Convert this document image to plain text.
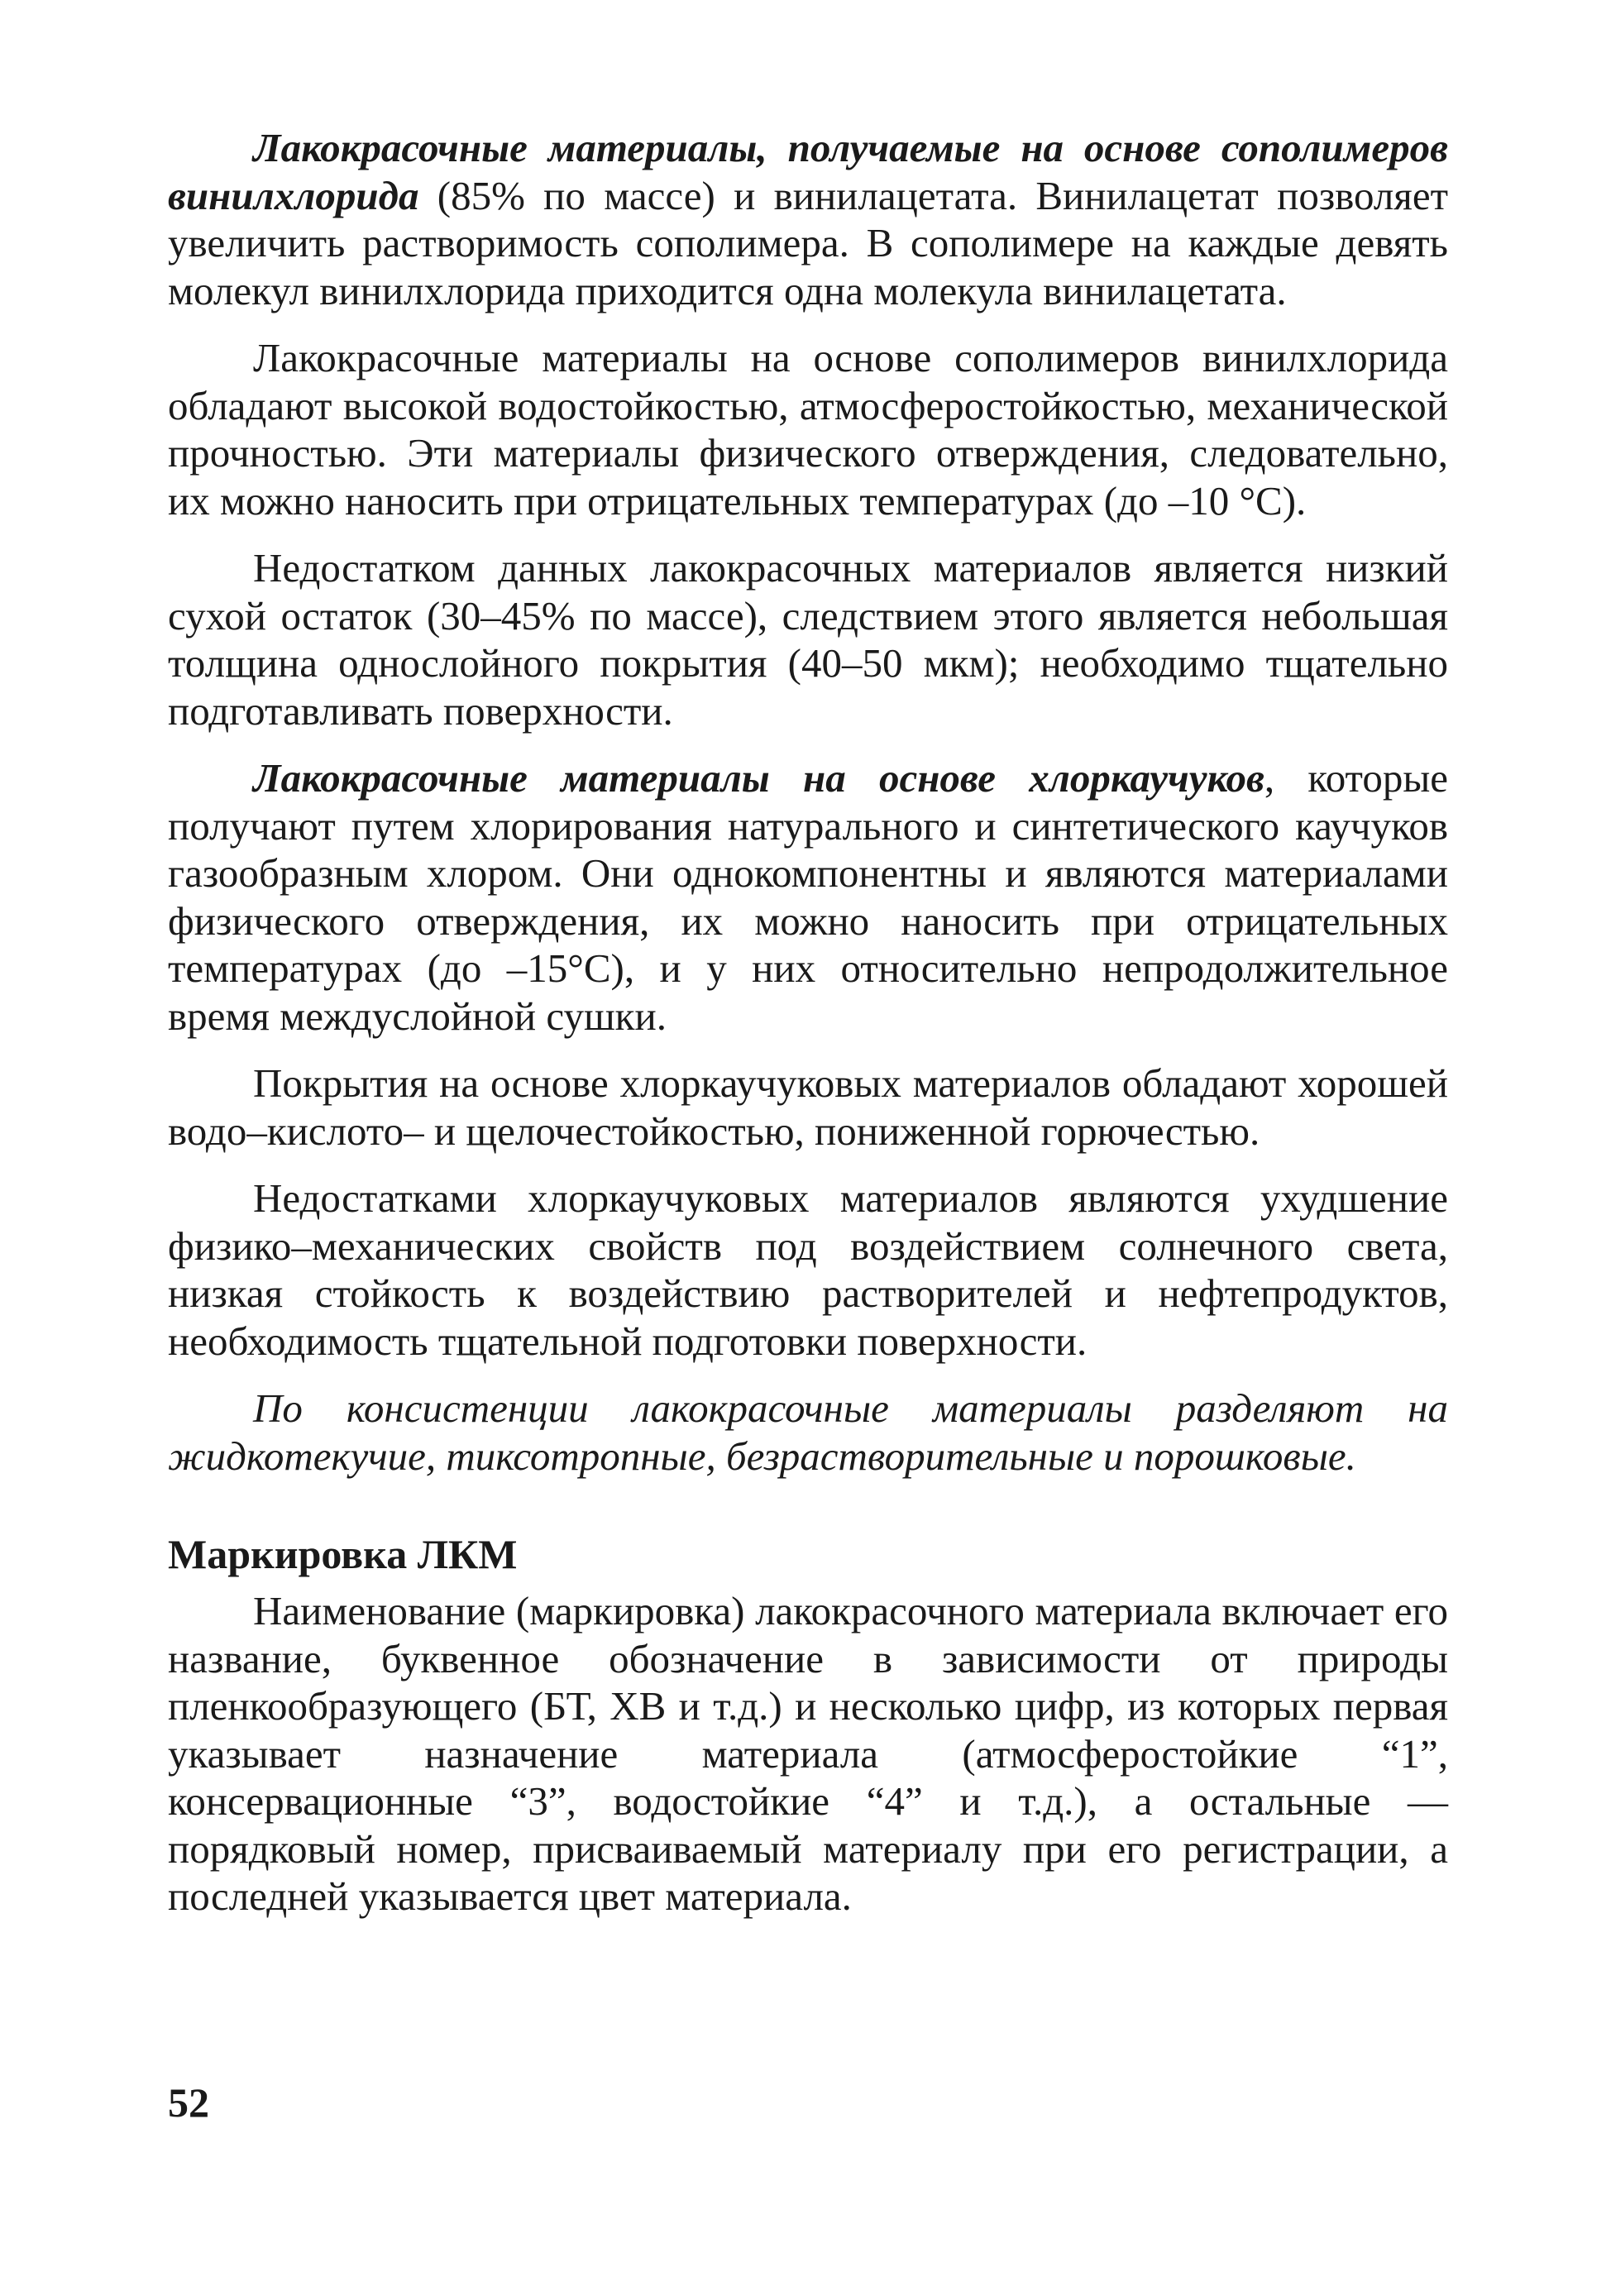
Лакокрасочные материалы, получаемые на основе сополимеров винилхлорида (85% по массе) и винилацетата. Винилацетат позволяет увеличить растворимость сополимера. В сополимере на каждые девять молекул винилхлорида приходится одна молекула винилацетата.

Лакокрасочные материалы на основе сополимеров винилхлорида обладают высокой водостойкостью, атмосферостойкостью, механической прочностью. Эти материалы физического отверждения, следовательно, их можно наносить при отрицательных температурах (до –10 °С).

Недостатком данных лакокрасочных материалов является низкий сухой остаток (30–45% по массе), следствием этого является небольшая толщина однослойного покрытия (40–50 мкм); необходимо тщательно подготавливать поверхности.

Лакокрасочные материалы на основе хлоркаучуков, которые получают путем хлорирования натурального и синтетического каучуков газообразным хлором. Они однокомпонентны и являются материалами физического отверждения, их можно наносить при отрицательных температурах (до –15°С), и у них относительно непродолжительное время междуслойной сушки.

Покрытия на основе хлоркаучуковых материалов обладают хорошей водо–кислото– и щелочестойкостью, пониженной горючестью.

Недостатками хлоркаучуковых материалов являются ухудшение физико–механических свойств под воздействием солнечного света, низкая стойкость к воздействию растворителей и нефтепродуктов, необходимость тщательной подготовки поверхности.

По консистенции лакокрасочные материалы разделяют на жидкотекучие, тиксотропные, безрастворительные и порошковые.

Маркировка ЛКМ

Наименование (маркировка) лакокрасочного материала включает его название, буквенное обозначение в зависимости от природы пленкообразующего (БТ, ХВ и т.д.) и несколько цифр, из которых первая указывает назначение материала (атмосферостойкие “1”, консервационные “3”, водостойкие “4” и т.д.), а остальные — порядковый номер, присваиваемый материалу при его регистрации, а последней указывается цвет материала.

52
